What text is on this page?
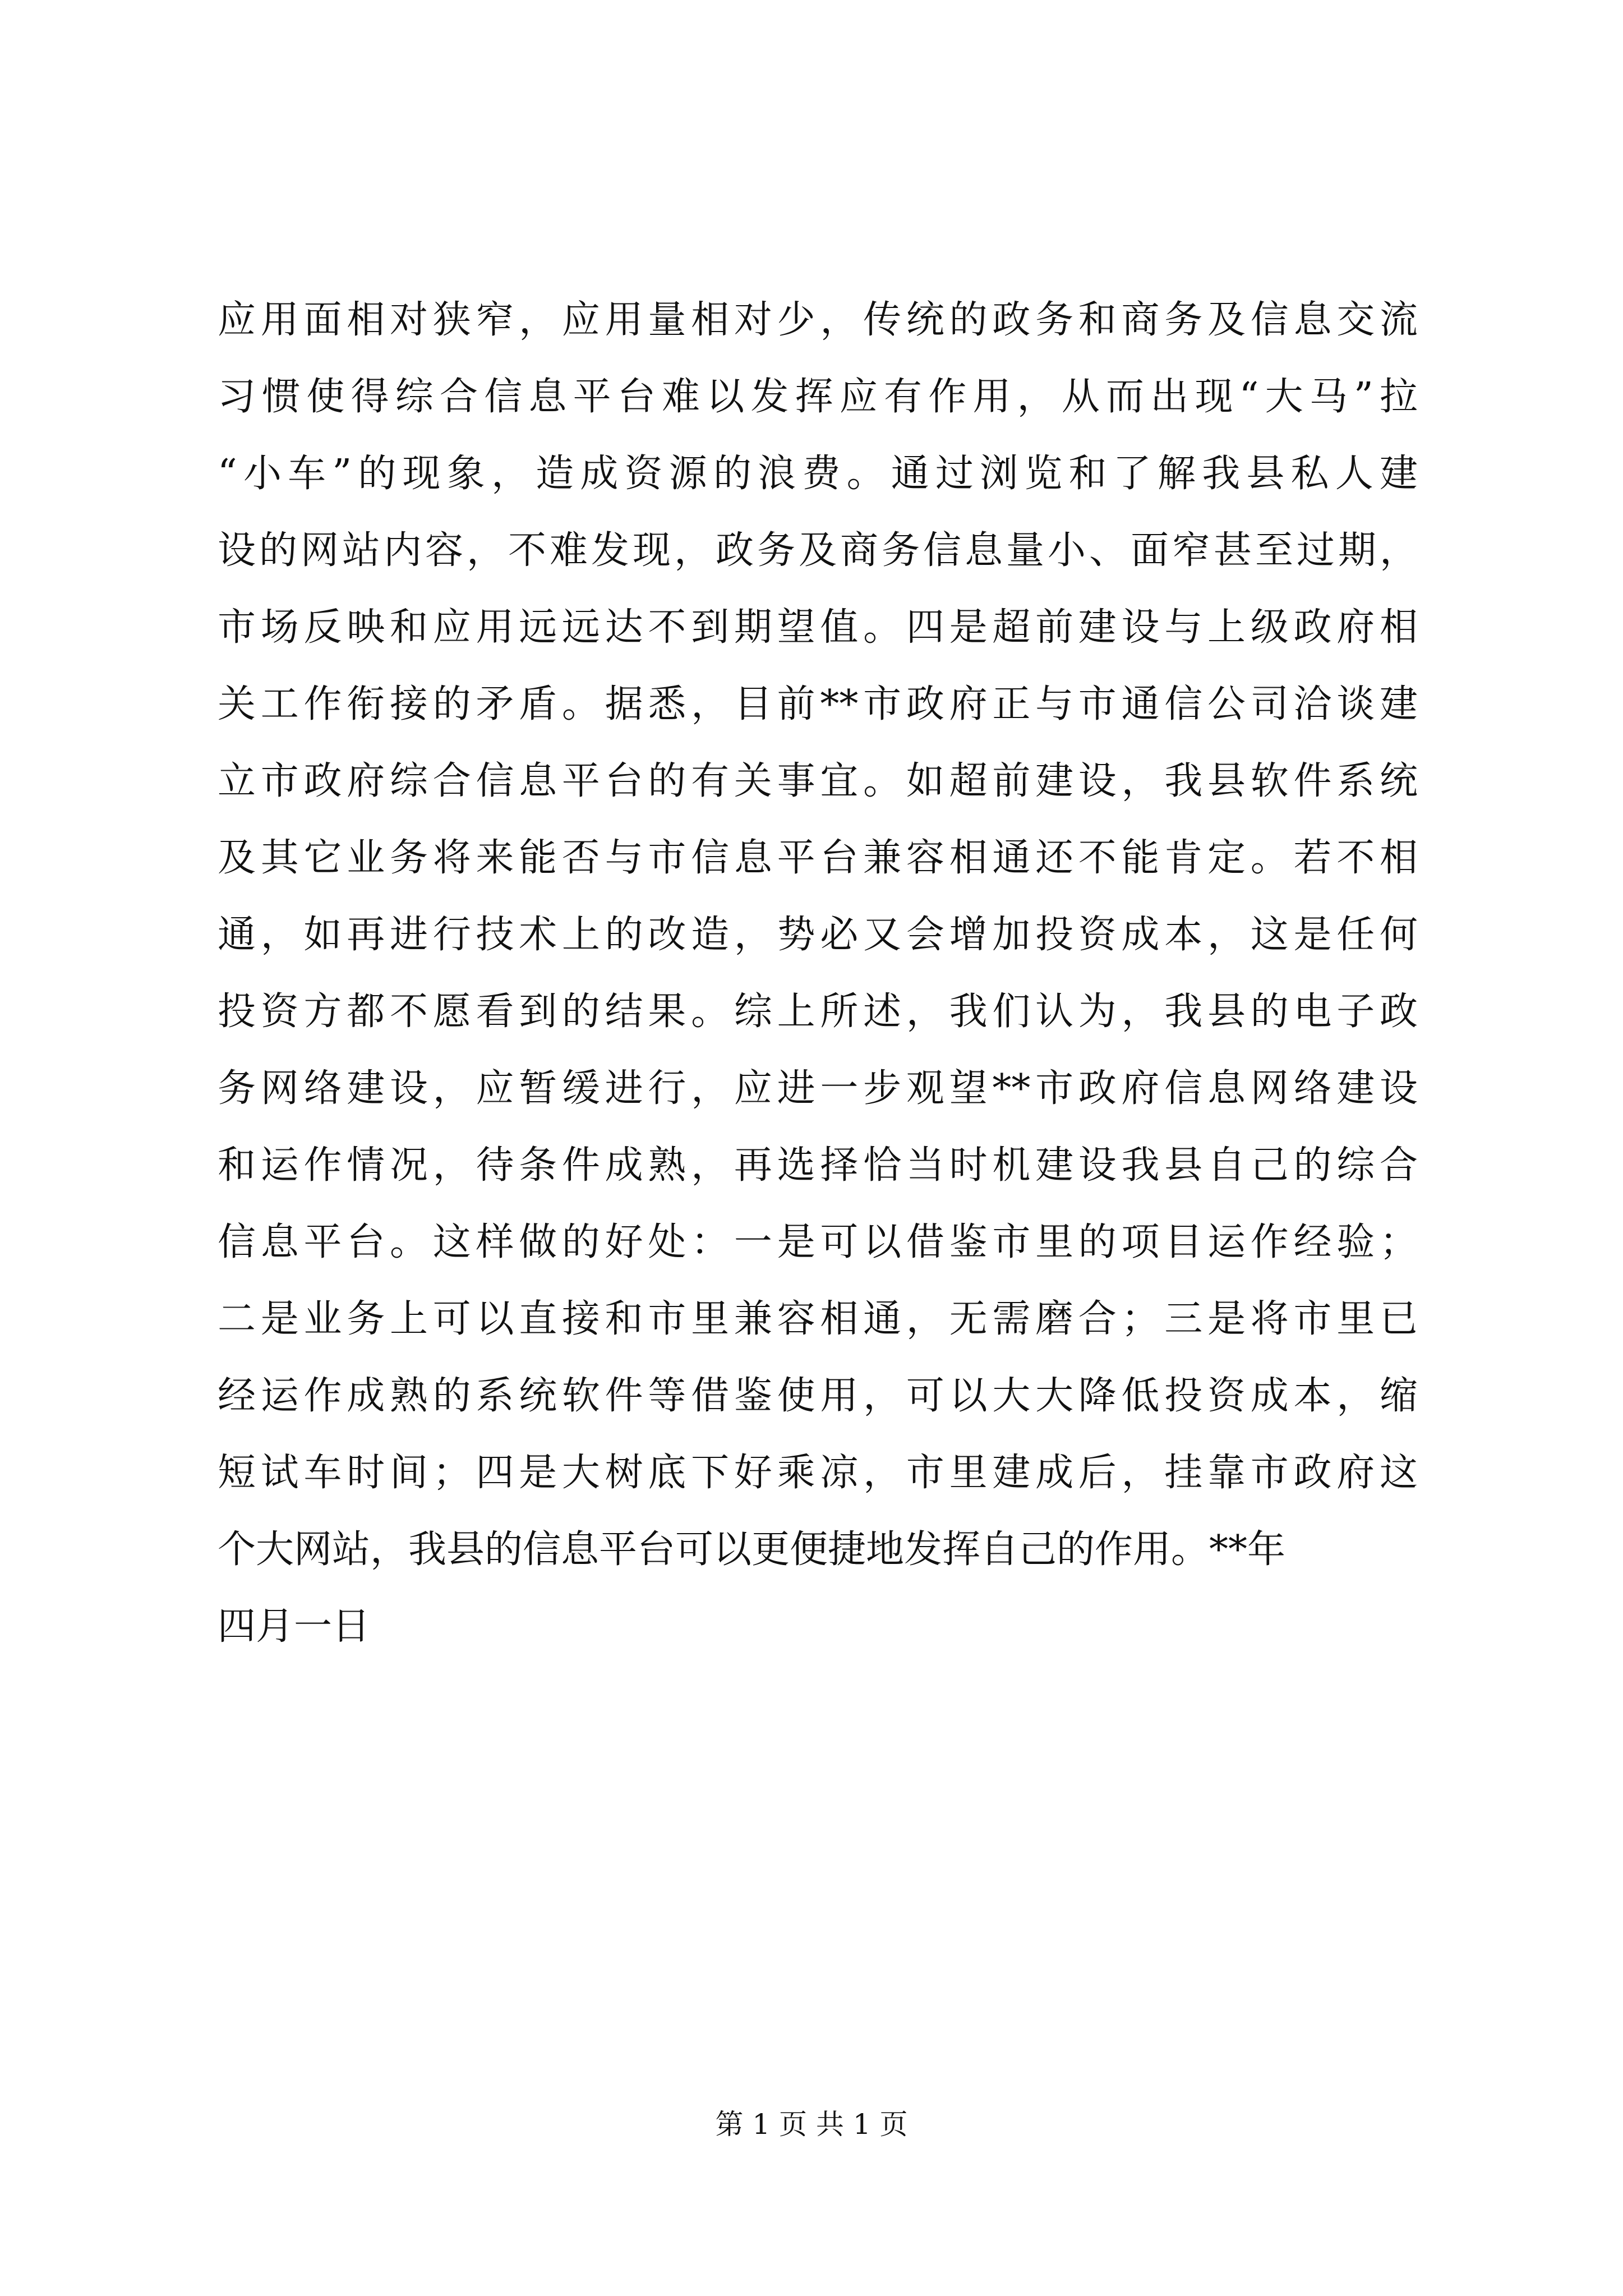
应用面相对狭窄，应用量相对少，传统的政务和商务及信息交流
习惯使得综合信息平台难以发挥应有作用，从而出现“大马”拉
“小车”的现象，造成资源的浪费。通过浏览和了解我县私人建
设的网站内容，不难发现，政务及商务信息量小、面窄甚至过期，
市场反映和应用远远达不到期望值。四是超前建设与上级政府相
关工作衔接的矛盾。据悉，目前**市政府正与市通信公司洽谈建
立市政府综合信息平台的有关事宜。如超前建设，我县软件系统
及其它业务将来能否与市信息平台兼容相通还不能肯定。若不相
通，如再进行技术上的改造，势必又会增加投资成本，这是任何
投资方都不愿看到的结果。综上所述，我们认为，我县的电子政
务网络建设，应暂缓进行，应进一步观望**市政府信息网络建设
和运作情况，待条件成熟，再选择恰当时机建设我县自己的综合
信息平台。这样做的好处：一是可以借鉴市里的项目运作经验；
二是业务上可以直接和市里兼容相通，无需磨合；三是将市里已
经运作成熟的系统软件等借鉴使用，可以大大降低投资成本，缩
短试车时间；四是大树底下好乘凉，市里建成后，挂靠市政府这
个大网站，我县的信息平台可以更便捷地发挥自己的作用。**年
四月一日
第 1 页 共 1 页
